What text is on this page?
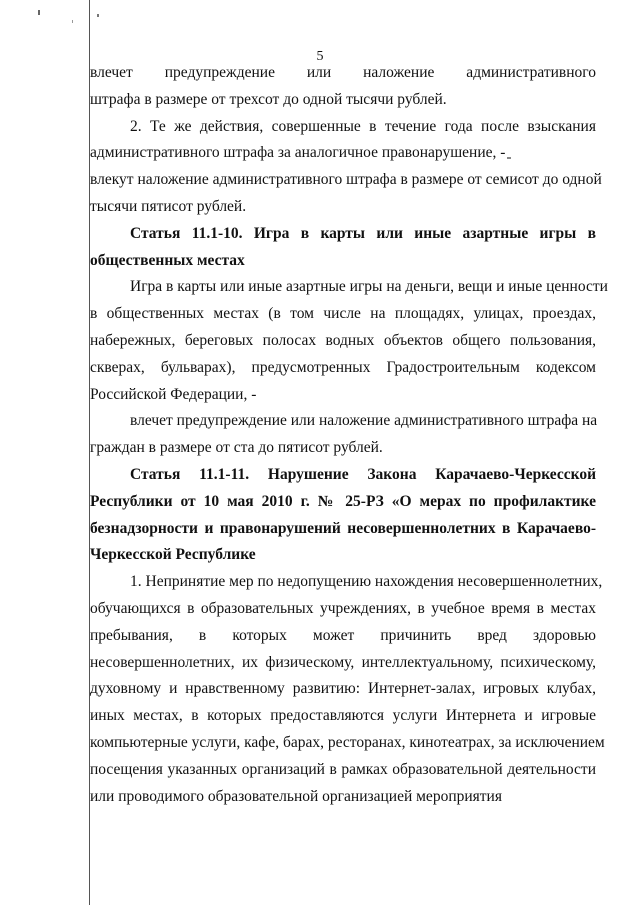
5
влечет предупреждение или наложение административного
штрафа в размере от трехсот до одной тысячи рублей.
2. Те же действия, совершенные в течение года после взыскания
административного штрафа за аналогичное правонарушение, -
влекут наложение административного штрафа в размере от семисот до одной
тысячи пятисот рублей.
Статья 11.1-10. Игра в карты или иные азартные игры в
общественных местах
Игра в карты или иные азартные игры на деньги, вещи и иные ценности
в общественных местах (в том числе на площадях, улицах, проездах,
набережных, береговых полосах водных объектов общего пользования,
скверах, бульварах), предусмотренных Градостроительным кодексом
Российской Федерации, -
влечет предупреждение или наложение административного штрафа на
граждан в размере от ста до пятисот рублей.
Статья 11.1-11. Нарушение Закона Карачаево-Черкесской
Республики от 10 мая 2010 г. № 25-РЗ «О мерах по профилактике
безнадзорности и правонарушений несовершеннолетних в Карачаево-
Черкесской Республике
1. Непринятие мер по недопущению нахождения несовершеннолетних,
обучающихся в образовательных учреждениях, в учебное время в местах
пребывания, в которых может причинить вред здоровью
несовершеннолетних, их физическому, интеллектуальному, психическому,
духовному и нравственному развитию: Интернет-залах, игровых клубах,
иных местах, в которых предоставляются услуги Интернета и игровые
компьютерные услуги, кафе, барах, ресторанах, кинотеатрах, за исключением
посещения указанных организаций в рамках образовательной деятельности
или проводимого образовательной организацией мероприятия
